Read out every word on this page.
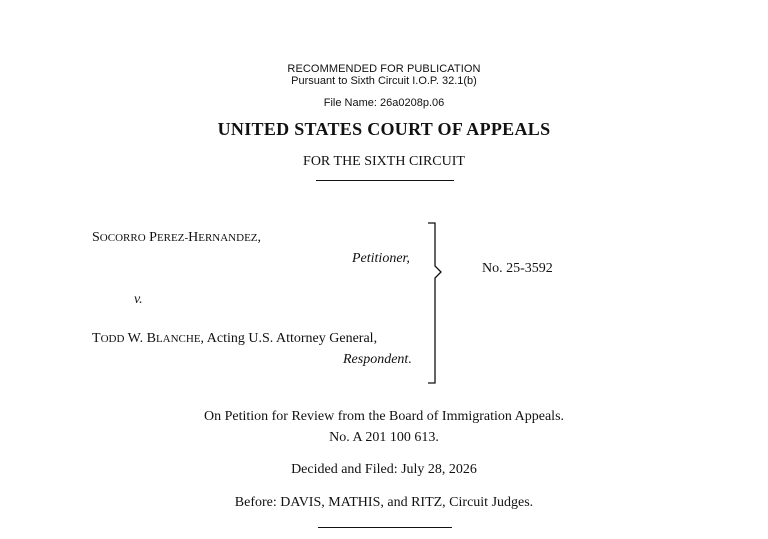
RECOMMENDED FOR PUBLICATION
Pursuant to Sixth Circuit I.O.P. 32.1(b)
File Name: 26a0208p.06
UNITED STATES COURT OF APPEALS
FOR THE SIXTH CIRCUIT
SOCORRO PEREZ-HERNANDEZ,
Petitioner,
v.
TODD W. BLANCHE, Acting U.S. Attorney General,
Respondent.
No. 25-3592
On Petition for Review from the Board of Immigration Appeals.
No. A 201 100 613.
Decided and Filed: July 28, 2026
Before: DAVIS, MATHIS, and RITZ, Circuit Judges.
